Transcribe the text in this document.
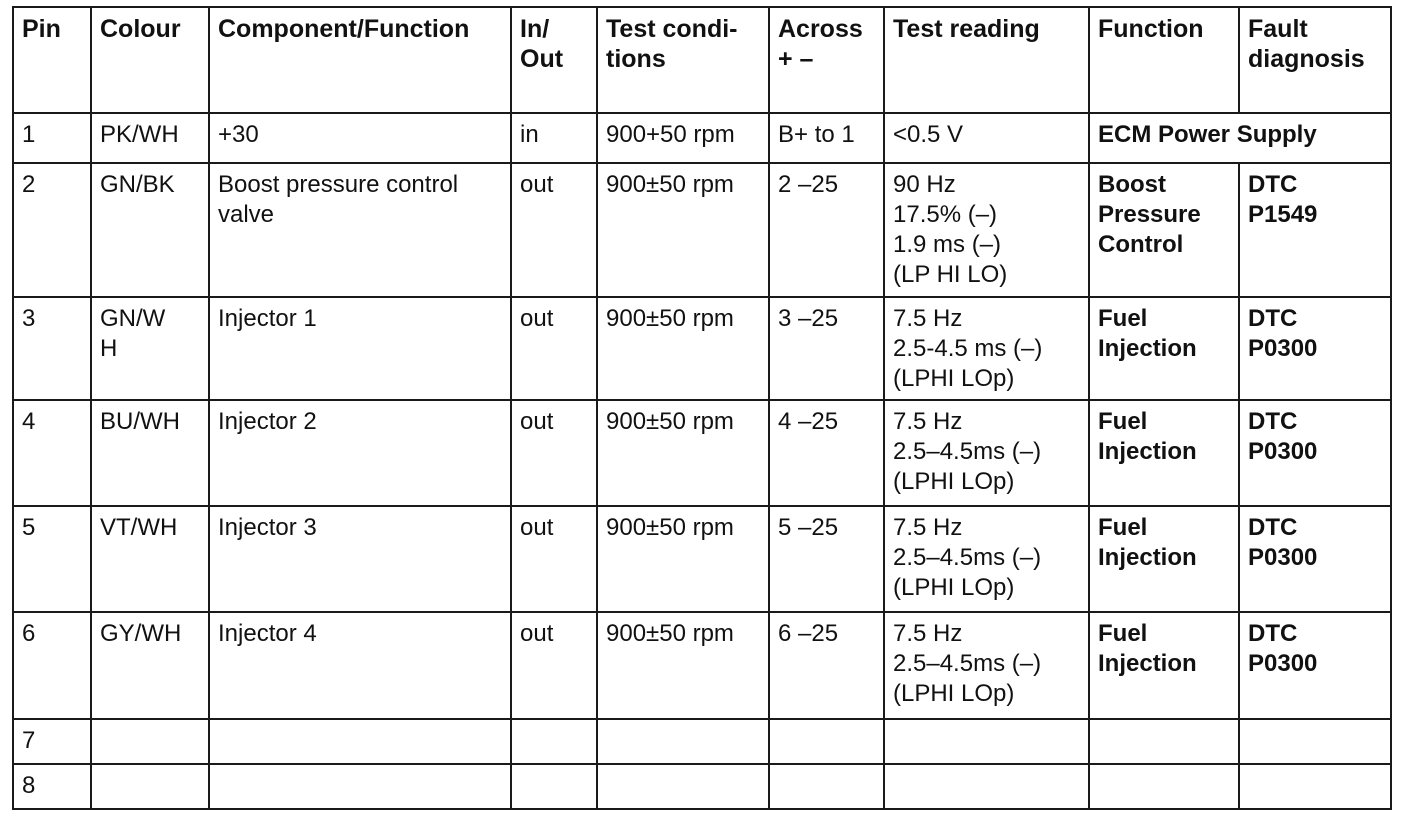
Pin	Colour	Component/Function	In/
Out	Test condi-
tions	Across
+ –	Test reading	Function	Fault
diagnosis
1	PK/WH	+30	in	900+50 rpm	B+ to 1	<0.5 V	ECM Power Supply	
2	GN/BK	Boost pressure control valve	out	900±50 rpm	2 –25	90 Hz
17.5% (–)
1.9 ms (–)
(LP HI LO)	Boost
Pressure
Control	DTC
P1549
3	GN/W
H	Injector 1	out	900±50 rpm	3 –25	7.5 Hz
2.5-4.5 ms (–)
(LPHI LOp)	Fuel
Injection	DTC
P0300
4	BU/WH	Injector 2	out	900±50 rpm	4 –25	7.5 Hz
2.5–4.5ms (–)
(LPHI LOp)	Fuel
Injection	DTC
P0300
5	VT/WH	Injector 3	out	900±50 rpm	5 –25	7.5 Hz
2.5–4.5ms (–)
(LPHI LOp)	Fuel
Injection	DTC
P0300
6	GY/WH	Injector 4	out	900±50 rpm	6 –25	7.5 Hz
2.5–4.5ms (–)
(LPHI LOp)	Fuel
Injection	DTC
P0300
7								
8								
